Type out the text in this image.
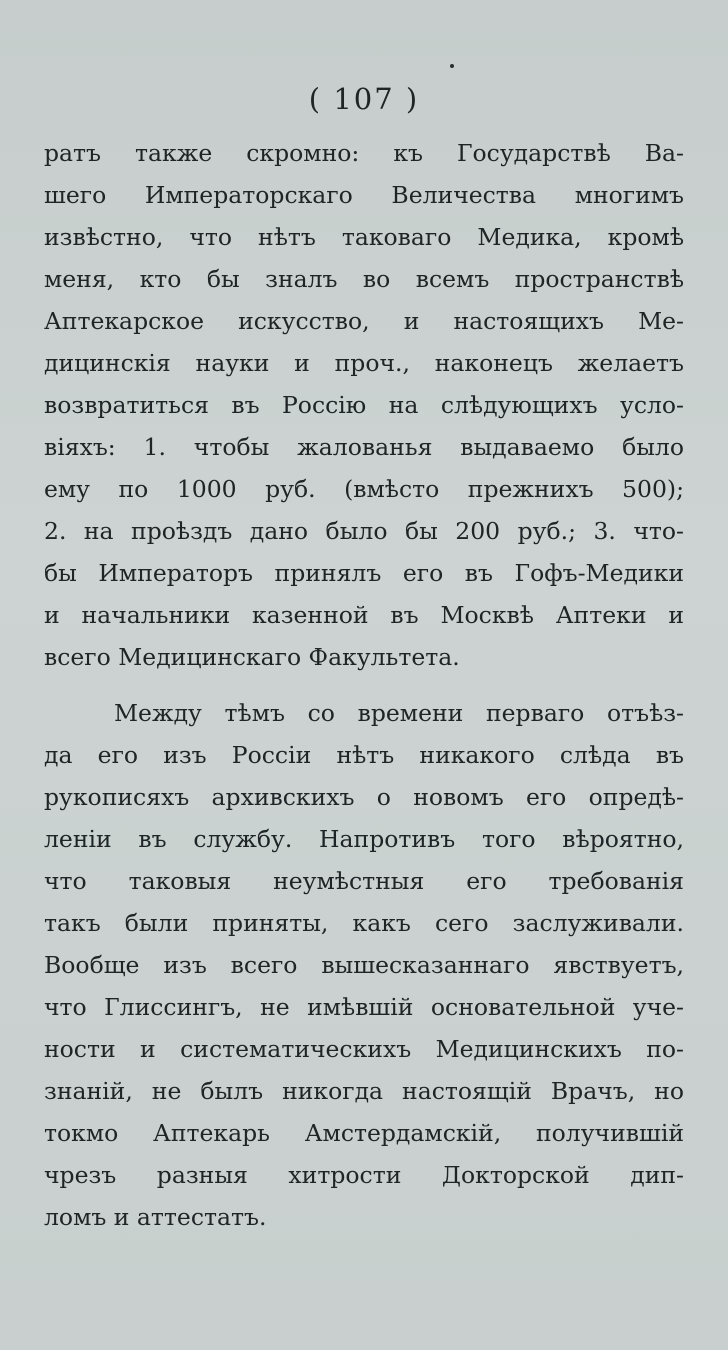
( 107 )
ратъ также скромно: къ Государствѣ Ва-
шего Императорскаго Величества многимъ
извѣстно, что нѣтъ таковаго Медика, кромѣ
меня, кто бы зналъ во всемъ пространствѣ
Аптекарское искусство, и настоящихъ Ме-
дицинскія науки и проч., наконецъ желаетъ
возвратиться въ Россію на слѣдующихъ усло-
віяхъ: 1. чтобы жалованья выдаваемо было
ему по 1000 руб. (вмѣсто прежнихъ 500);
2. на проѣздъ дано было бы 200 руб.; 3. что-
бы Императоръ принялъ его въ Гофъ-Медики
и начальники казенной въ Москвѣ Аптеки и
всего Медицинскаго Факультета.
Между тѣмъ со времени перваго отъѣз-
да его изъ Россіи нѣтъ никакого слѣда въ
рукописяхъ архивскихъ о новомъ его опредѣ-
леніи въ службу. Напротивъ того вѣроятно,
что таковыя неумѣстныя его требованія
такъ были приняты, какъ сего заслуживали.
Вообще изъ всего вышесказаннаго явствуетъ,
что Глиссингъ, не имѣвшій основательной уче-
ности и систематическихъ Медицинскихъ по-
знаній, не былъ никогда настоящій Врачъ, но
токмо Аптекарь Амстердамскій, получившій
чрезъ разныя хитрости Докторской дип-
ломъ и аттестатъ.
